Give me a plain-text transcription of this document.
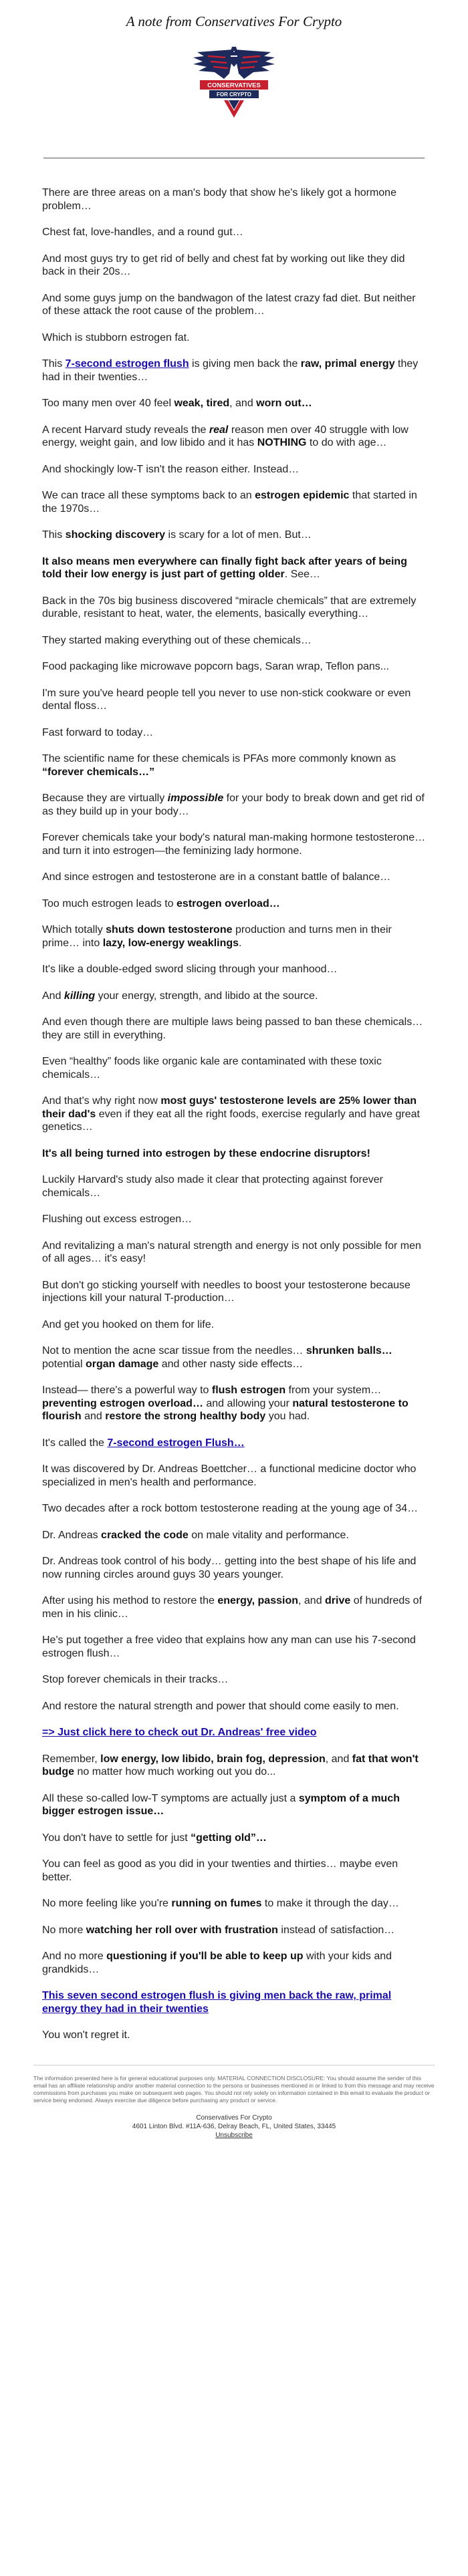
A note from Conservatives For Crypto

CONSERVATIVES
FOR CRYPTO

There are three areas on a man's body that show he's likely got a hormone problem…

Chest fat, love-handles, and a round gut…

And most guys try to get rid of belly and chest fat by working out like they did back in their 20s…

And some guys jump on the bandwagon of the latest crazy fad diet. But neither of these attack the root cause of the problem…

Which is stubborn estrogen fat.

This 7-second estrogen flush is giving men back the raw, primal energy they had in their twenties…

Too many men over 40 feel weak, tired, and worn out…

A recent Harvard study reveals the real reason men over 40 struggle with low energy, weight gain, and low libido and it has NOTHING to do with age…

And shockingly low-T isn't the reason either. Instead…

We can trace all these symptoms back to an estrogen epidemic that started in the 1970s…

This shocking discovery is scary for a lot of men. But…

It also means men everywhere can finally fight back after years of being told their low energy is just part of getting older. See…

Back in the 70s big business discovered “miracle chemicals” that are extremely durable, resistant to heat, water, the elements, basically everything…

They started making everything out of these chemicals…

Food packaging like microwave popcorn bags, Saran wrap, Teflon pans...

I'm sure you've heard people tell you never to use non-stick cookware or even dental floss…

Fast forward to today…

The scientific name for these chemicals is PFAs more commonly known as “forever chemicals…”

Because they are virtually impossible for your body to break down and get rid of as they build up in your body…

Forever chemicals take your body's natural man-making hormone testosterone… and turn it into estrogen—the feminizing lady hormone.

And since estrogen and testosterone are in a constant battle of balance…

Too much estrogen leads to estrogen overload…

Which totally shuts down testosterone production and turns men in their prime… into lazy, low-energy weaklings.

It's like a double-edged sword slicing through your manhood…

And killing your energy, strength, and libido at the source.

And even though there are multiple laws being passed to ban these chemicals… they are still in everything.

Even “healthy” foods like organic kale are contaminated with these toxic chemicals…

And that's why right now most guys' testosterone levels are 25% lower than their dad's even if they eat all the right foods, exercise regularly and have great genetics…

It's all being turned into estrogen by these endocrine disruptors!

Luckily Harvard's study also made it clear that protecting against forever chemicals…

Flushing out excess estrogen…

And revitalizing a man's natural strength and energy is not only possible for men of all ages… it's easy!

But don't go sticking yourself with needles to boost your testosterone because injections kill your natural T-production…

And get you hooked on them for life.

Not to mention the acne scar tissue from the needles… shrunken balls… potential organ damage and other nasty side effects…

Instead— there's a powerful way to flush estrogen from your system… preventing estrogen overload… and allowing your natural testosterone to flourish and restore the strong healthy body you had.

It's called the 7-second estrogen Flush…

It was discovered by Dr. Andreas Boettcher… a functional medicine doctor who specialized in men's health and performance.

Two decades after a rock bottom testosterone reading at the young age of 34…

Dr. Andreas cracked the code on male vitality and performance.

Dr. Andreas took control of his body… getting into the best shape of his life and now running circles around guys 30 years younger.

After using his method to restore the energy, passion, and drive of hundreds of men in his clinic…

He's put together a free video that explains how any man can use his 7-second estrogen flush…

Stop forever chemicals in their tracks…

And restore the natural strength and power that should come easily to men.

=> Just click here to check out Dr. Andreas' free video

Remember, low energy, low libido, brain fog, depression, and fat that won't budge no matter how much working out you do...

All these so-called low-T symptoms are actually just a symptom of a much bigger estrogen issue…

You don't have to settle for just “getting old”…

You can feel as good as you did in your twenties and thirties… maybe even better.

No more feeling like you're running on fumes to make it through the day…

No more watching her roll over with frustration instead of satisfaction…

And no more questioning if you'll be able to keep up with your kids and grandkids…

This seven second estrogen flush is giving men back the raw, primal energy they had in their twenties

You won't regret it.

The information presented here is for general educational purposes only. MATERIAL CONNECTION DISCLOSURE: You should assume the sender of this email has an affiliate relationship and/or another material connection to the persons or businesses mentioned in or linked to from this message and may receive commissions from purchases you make on subsequent web pages. You should not rely solely on information contained in this email to evaluate the product or service being endorsed. Always exercise due diligence before purchasing any product or service.

Conservatives For Crypto

4601 Linton Blvd. #11A-636, Delray Beach, FL, United States, 33445

Unsubscribe
